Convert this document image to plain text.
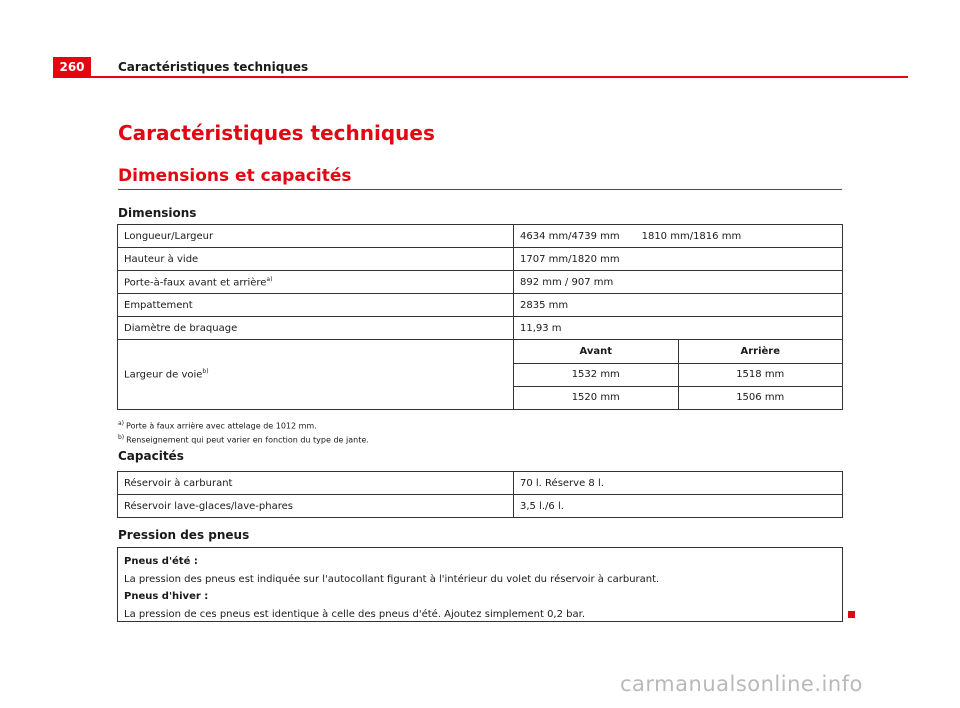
260	Caractéristiques techniques
Caractéristiques techniques
Dimensions et capacités
Dimensions
Longueur/Largeur	4634 mm/4739 mm 1810 mm/1816 mm
Hauteur à vide	1707 mm/1820 mm
Porte-à-faux avant et arrière$^{a)}$	892 mm / 907 mm
Empattement	2835 mm
Diamètre de braquage	11,93 m
Largeur de voie$^{b)}$	
Avant	Arrière
1532 mm	1518 mm
1520 mm	1506 mm
$^{a)}$ Porte à faux arrière avec attelage de 1012 mm.
$^{b)}$ Renseignement qui peut varier en fonction du type de jante.
Capacités
Réservoir à carburant	70 l. Réserve 8 l.
Réservoir lave-glaces/lave-phares	3,5 l./6 l.
Pression des pneus
Pneus d'été :
La pression des pneus est indiquée sur l'autocollant figurant à l'intérieur du volet du réservoir à carburant.
Pneus d'hiver :
La pression de ces pneus est identique à celle des pneus d'été. Ajoutez simplement 0,2 bar.
carmanualsonline.info
